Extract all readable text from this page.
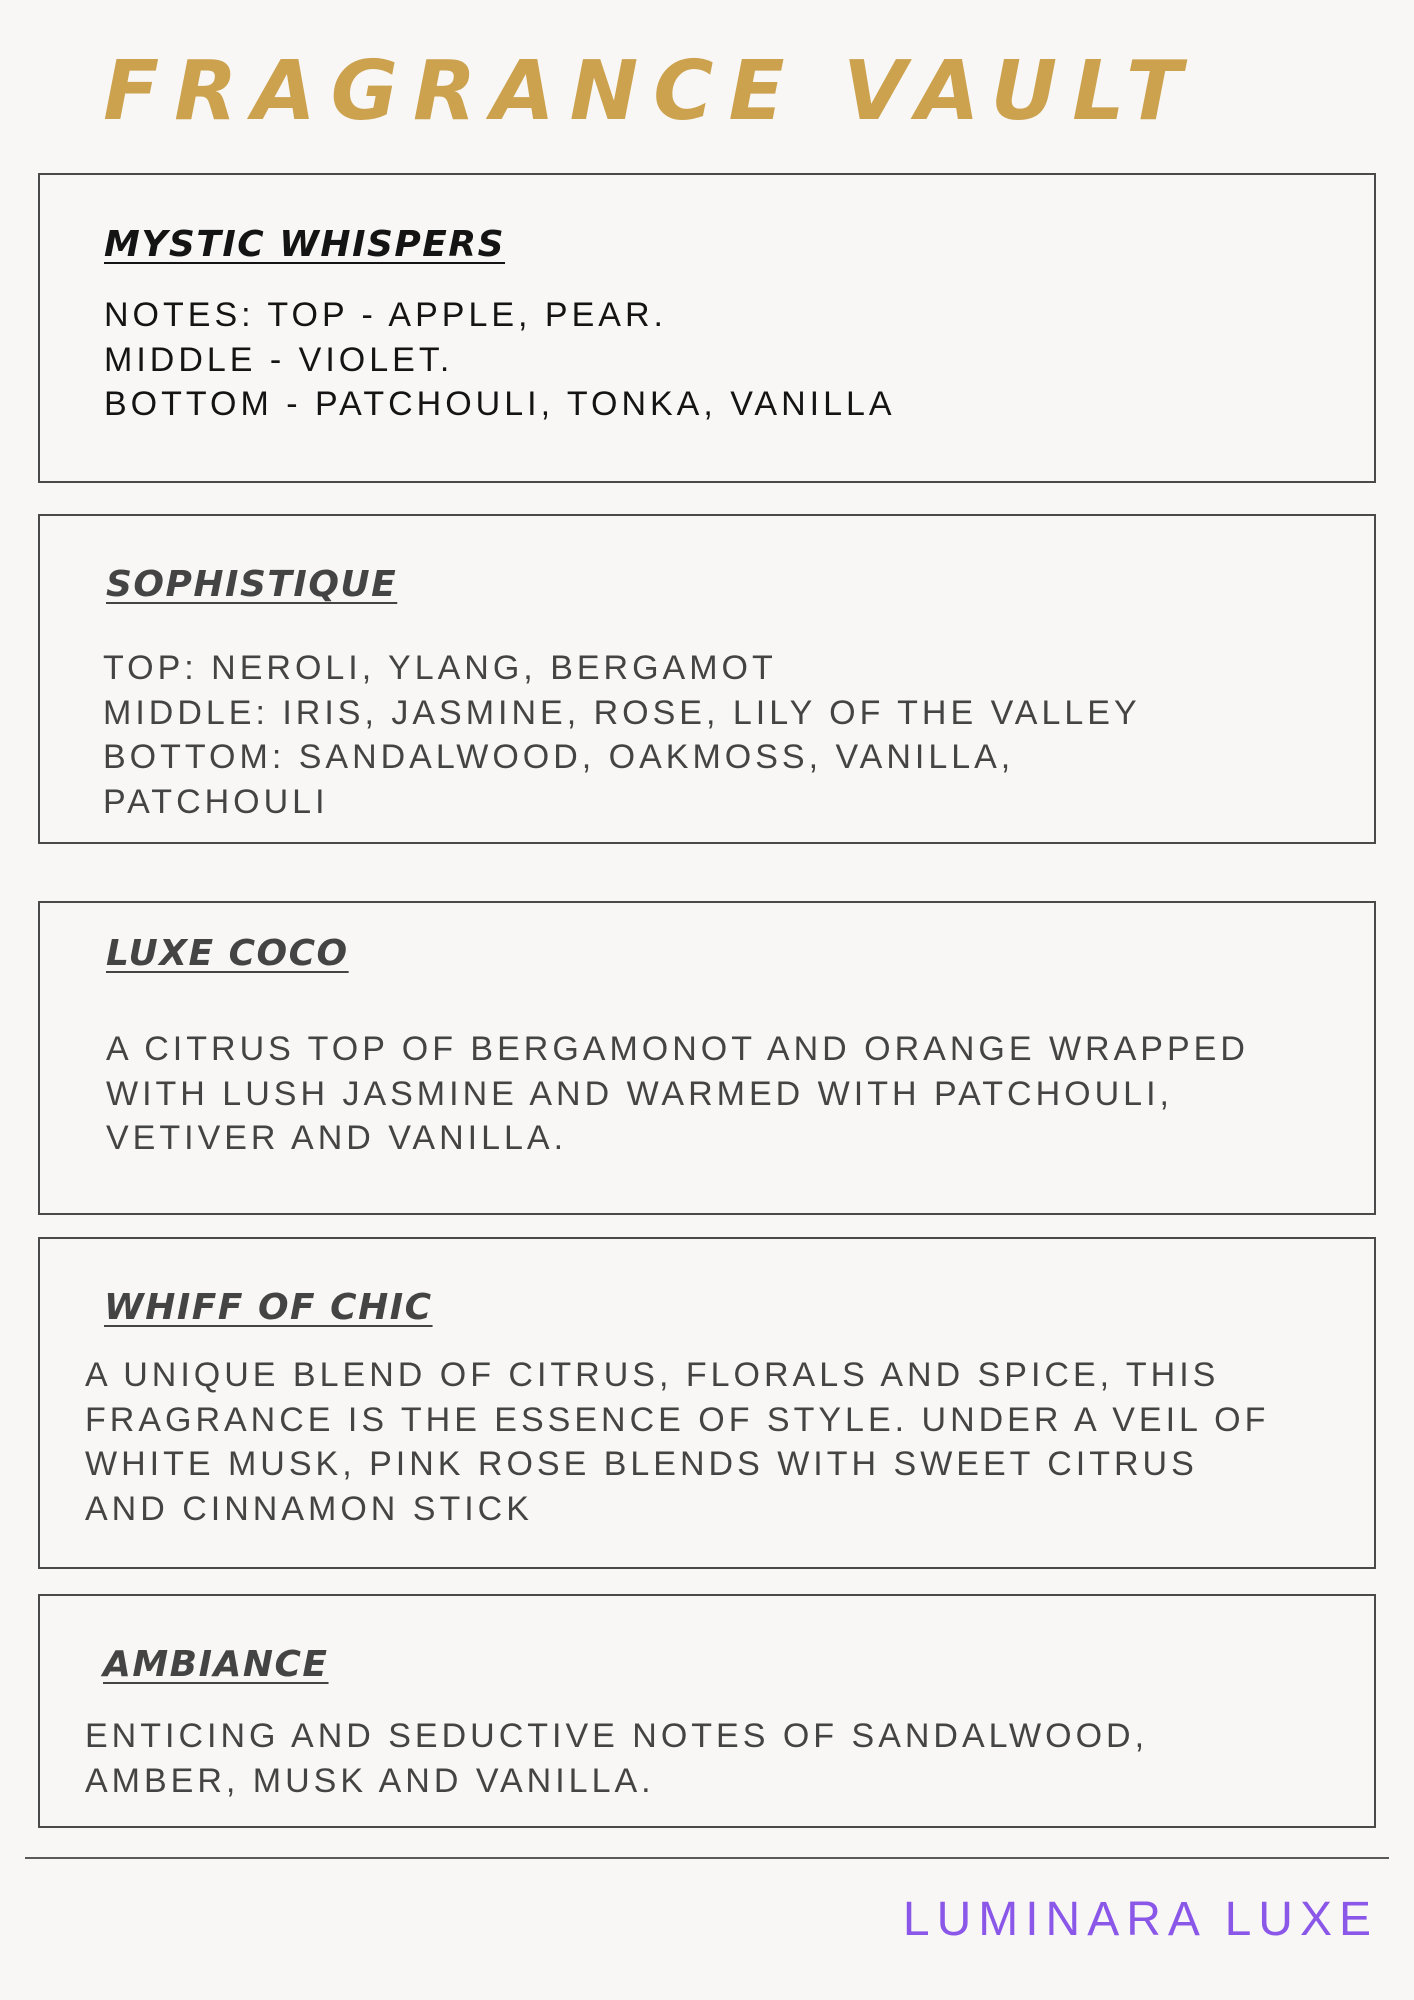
FRAGRANCE VAULT
MYSTIC WHISPERS
NOTES: TOP - APPLE, PEAR.
MIDDLE - VIOLET.
BOTTOM - PATCHOULI, TONKA, VANILLA
SOPHISTIQUE
TOP: NEROLI, YLANG, BERGAMOT
MIDDLE: IRIS, JASMINE, ROSE, LILY OF THE VALLEY
BOTTOM: SANDALWOOD, OAKMOSS, VANILLA,
PATCHOULI
LUXE COCO
A CITRUS TOP OF BERGAMONOT AND ORANGE WRAPPED
WITH LUSH JASMINE AND WARMED WITH PATCHOULI,
VETIVER AND VANILLA.
WHIFF OF CHIC
A UNIQUE BLEND OF CITRUS, FLORALS AND SPICE, THIS
FRAGRANCE IS THE ESSENCE OF STYLE. UNDER A VEIL OF
WHITE MUSK, PINK ROSE BLENDS WITH SWEET CITRUS
AND CINNAMON STICK
AMBIANCE
ENTICING AND SEDUCTIVE NOTES OF SANDALWOOD,
AMBER, MUSK AND VANILLA.
LUMINARA LUXE
